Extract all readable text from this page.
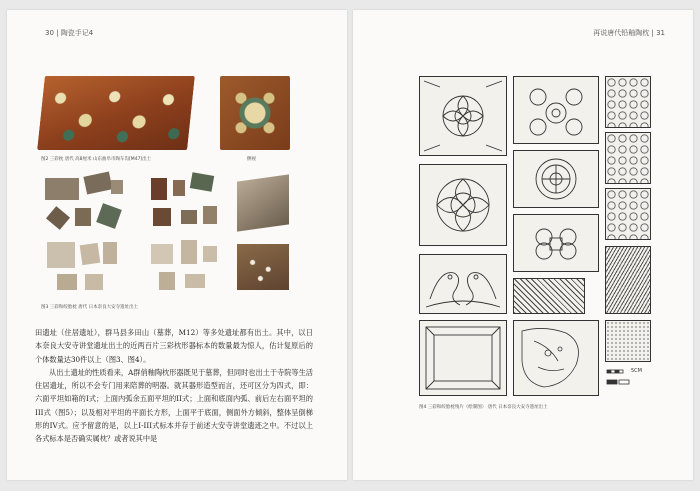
30 | 陶瓷手记4
图2 三彩枕 唐代 高8厘米 山东曲阜市陶车沟[M47]出土	侧视
图3 三彩和绞胎枕 唐代 日本奈良大安寺遗址出土

田遗址（住居遗址），群马县多田山（墓葬，M12）等多处遗址都有出土。其中，以日本奈良大安寺讲堂遗址出土的近两百片三彩枕形器标本的数量最为惊人，估计复原后的个体数量达30件以上（图3、图4）。

从出土遗址的性质看来，A群俏釉陶枕形器既见于墓葬，但同时也出土于寺院等生活住居遗址，所以不会专门用来陪葬的明器。就其器形造型而言，还可区分为四式，即：六面平坦如箱的I式；上面内弧余五面平坦的II式；上面和底面内弧、前后左右面平坦的III式（图5）；以及相对平坦的平面长方形，上面平于底面，侧面外方倾斜，整体呈倒梯形的IV式。应予留意的是，以上I-III式标本并存于前述大安寺讲堂遗迹之中。不过以上各式标本是否确实属枕？或者说其中是

再说唐代铅釉陶枕 | 31
5CM
图4 三彩和绞胎枕残片（绘制图） 唐代 日本奈良大安寺遗址出土
